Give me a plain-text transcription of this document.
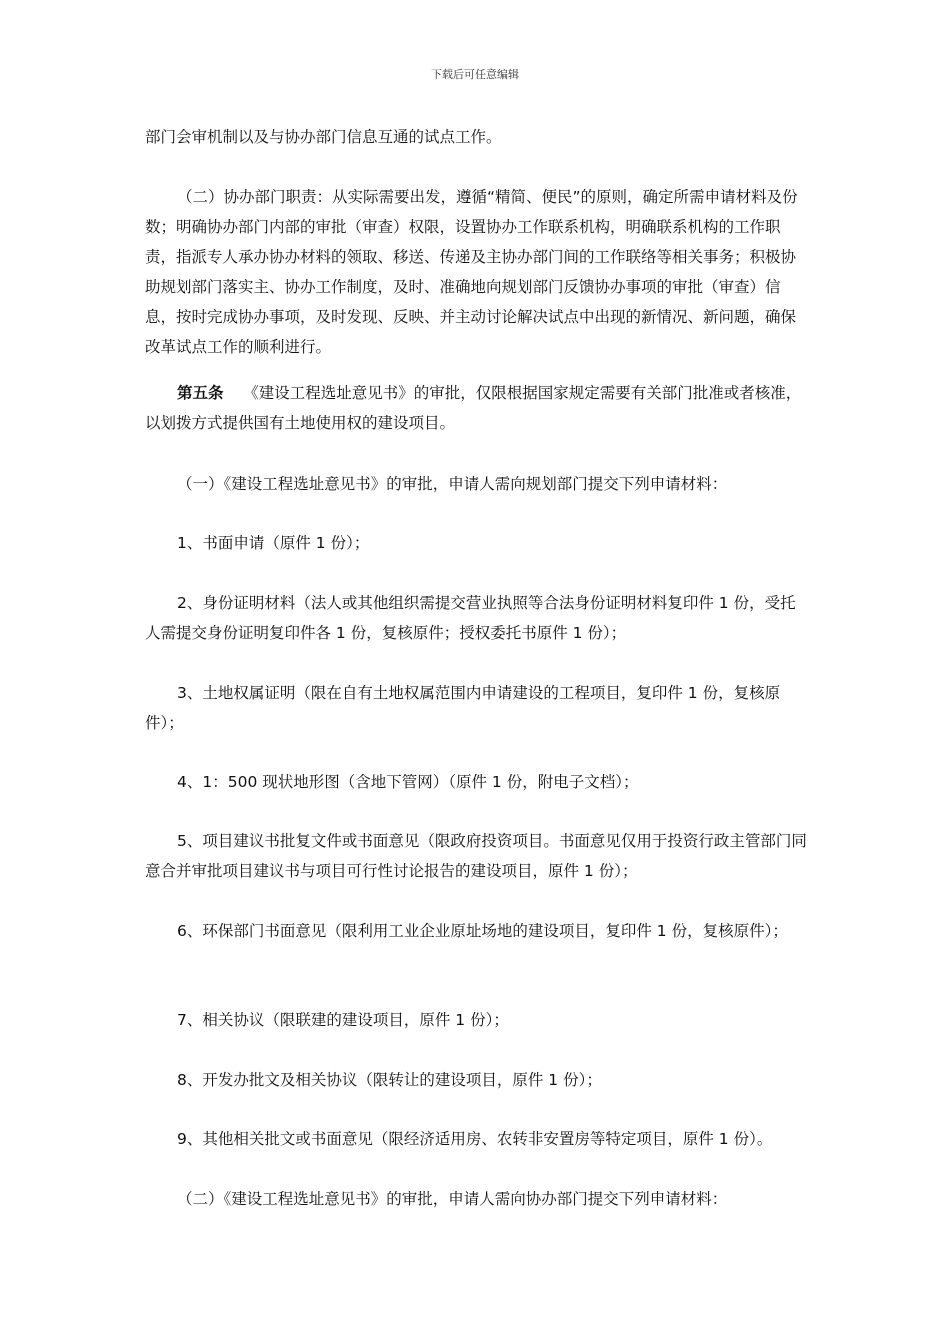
下载后可任意编辑

部门会审机制以及与协办部门信息互通的试点工作。

（二）协办部门职责：从实际需要出发，遵循“精简、便民”的原则，确定所需申请材料及份数；明确协办部门内部的审批（审查）权限，设置协办工作联系机构，明确联系机构的工作职责，指派专人承办协办材料的领取、移送、传递及主协办部门间的工作联络等相关事务；积极协助规划部门落实主、协办工作制度，及时、准确地向规划部门反馈协办事项的审批（审查）信息，按时完成协办事项，及时发现、反映、并主动讨论解决试点中出现的新情况、新问题，确保改革试点工作的顺利进行。

第五条 《建设工程选址意见书》的审批，仅限根据国家规定需要有关部门批准或者核准，以划拨方式提供国有土地使用权的建设项目。

（一）《建设工程选址意见书》的审批，申请人需向规划部门提交下列申请材料：

1、书面申请（原件 1 份）；

2、身份证明材料（法人或其他组织需提交营业执照等合法身份证明材料复印件 1 份，受托人需提交身份证明复印件各 1 份，复核原件；授权委托书原件 1 份）；

3、土地权属证明（限在自有土地权属范围内申请建设的工程项目，复印件 1 份，复核原件）；

4、1：500 现状地形图（含地下管网）（原件 1 份，附电子文档）；

5、项目建议书批复文件或书面意见（限政府投资项目。书面意见仅用于投资行政主管部门同意合并审批项目建议书与项目可行性讨论报告的建设项目，原件 1 份）；

6、环保部门书面意见（限利用工业企业原址场地的建设项目，复印件 1 份，复核原件）；

7、相关协议（限联建的建设项目，原件 1 份）；

8、开发办批文及相关协议（限转让的建设项目，原件 1 份）；

9、其他相关批文或书面意见（限经济适用房、农转非安置房等特定项目，原件 1 份）。

（二）《建设工程选址意见书》的审批，申请人需向协办部门提交下列申请材料：
